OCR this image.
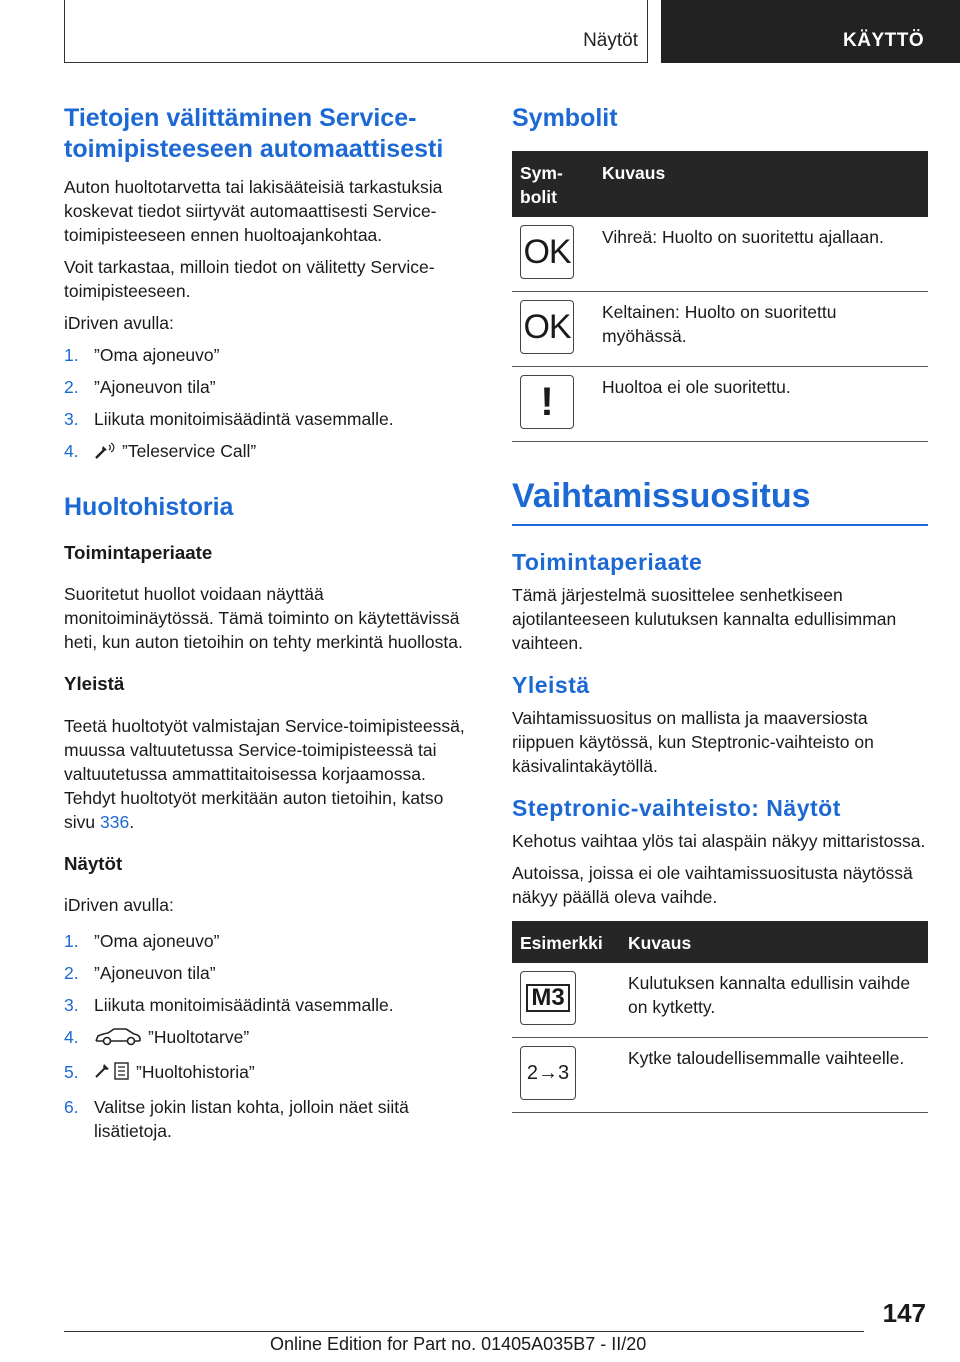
Näytöt	KÄYTTÖ
Tietojen välittäminen Service-toimipisteeseen automaattisesti

Auton huoltotarvetta tai lakisääteisiä tarkastuksia koskevat tiedot siirtyvät automaattisesti Service-toimipisteeseen ennen huoltoajankohtaa.

Voit tarkastaa, milloin tiedot on välitetty Service-toimipisteeseen.

iDriven avulla:

1. ”Oma ajoneuvo”
2. ”Ajoneuvon tila”
3. Liikuta monitoimisäädintä vasemmalle.
4. ”Teleservice Call”
Huoltohistoria
Toimintaperiaate

Suoritetut huollot voidaan näyttää monitoiminäytössä. Tämä toiminto on käytettävissä heti, kun auton tietoihin on tehty merkintä huollosta.

Yleistä

Teetä huoltotyöt valmistajan Service-toimipisteessä, muussa valtuutetussa Service-toimipisteessä tai valtuutetussa ammattitaitoisessa korjaamossa. Tehdyt huoltotyöt merkitään auton tietoihin, katso sivu 336.

Näytöt

iDriven avulla:

1. ”Oma ajoneuvo”
2. ”Ajoneuvon tila”
3. Liikuta monitoimisäädintä vasemmalle.
4.	”Huoltotarve”
5.	”Huoltohistoria”
6. Valitse jokin listan kohta, jolloin näet siitä lisätietoja.
Symbolit
Sym-
bolit	Kuvaus

OK	Vihreä: Huolto on suoritettu ajallaan.

OK	Keltainen: Huolto on suoritettu myöhässä.

!	Huoltoa ei ole suoritettu.
Vaihtamissuositus
Toimintaperiaate

Tämä järjestelmä suosittelee senhetkiseen ajotilanteeseen kulutuksen kannalta edullisimman vaihteen.

Yleistä

Vaihtamissuositus on mallista ja maaversiosta riippuen käytössä, kun Steptronic-vaihteisto on käsivalintakäytöllä.

Steptronic-vaihteisto: Näytöt

Kehotus vaihtaa ylös tai alaspäin näkyy mittaristossa.

Autoissa, joissa ei ole vaihtamissuositusta näytössä näkyy päällä oleva vaihde.

Esimerkki	Kuvaus

M3	Kulutuksen kannalta edullisin vaihde on kytketty.

2→3	Kytke taloudellisemmalle vaihteelle.
147
Online Edition for Part no. 01405A035B7 - II/20
